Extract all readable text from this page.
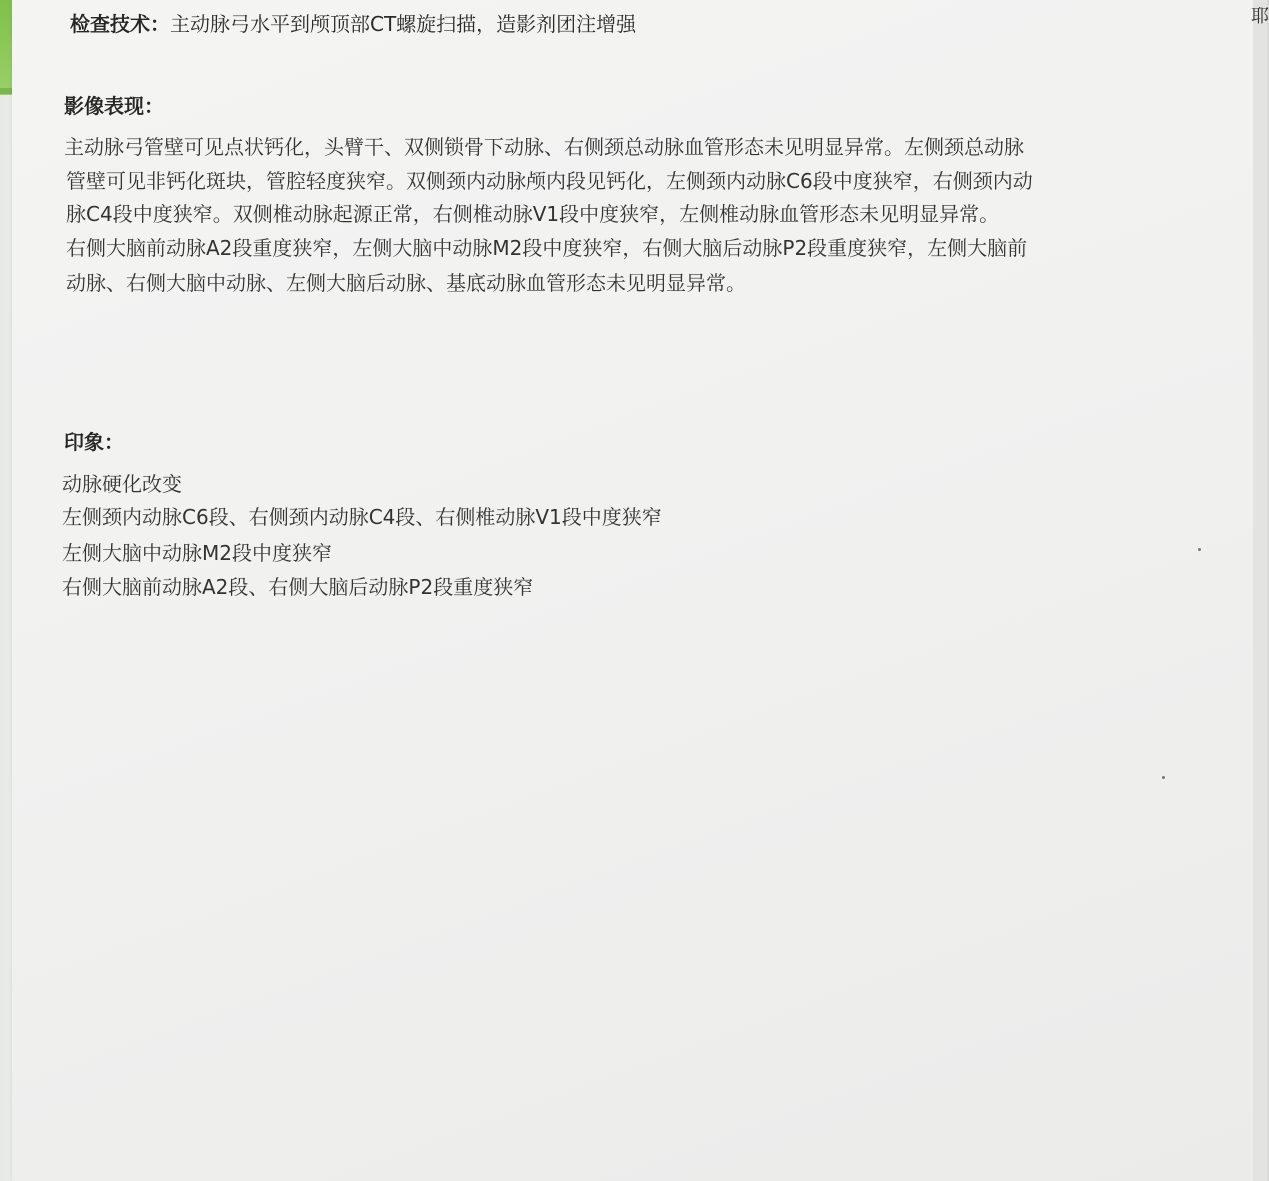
检查技术：主动脉弓水平到颅顶部CT螺旋扫描，造影剂团注增强
影像表现：
主动脉弓管壁可见点状钙化，头臂干、双侧锁骨下动脉、右侧颈总动脉血管形态未见明显异常。左侧颈总动脉
管壁可见非钙化斑块，管腔轻度狭窄。双侧颈内动脉颅内段见钙化，左侧颈内动脉C6段中度狭窄，右侧颈内动
脉C4段中度狭窄。双侧椎动脉起源正常，右侧椎动脉V1段中度狭窄，左侧椎动脉血管形态未见明显异常。
右侧大脑前动脉A2段重度狭窄，左侧大脑中动脉M2段中度狭窄，右侧大脑后动脉P2段重度狭窄，左侧大脑前
动脉、右侧大脑中动脉、左侧大脑后动脉、基底动脉血管形态未见明显异常。
印象：
动脉硬化改变
左侧颈内动脉C6段、右侧颈内动脉C4段、右侧椎动脉V1段中度狭窄
左侧大脑中动脉M2段中度狭窄
右侧大脑前动脉A2段、右侧大脑后动脉P2段重度狭窄
耶
